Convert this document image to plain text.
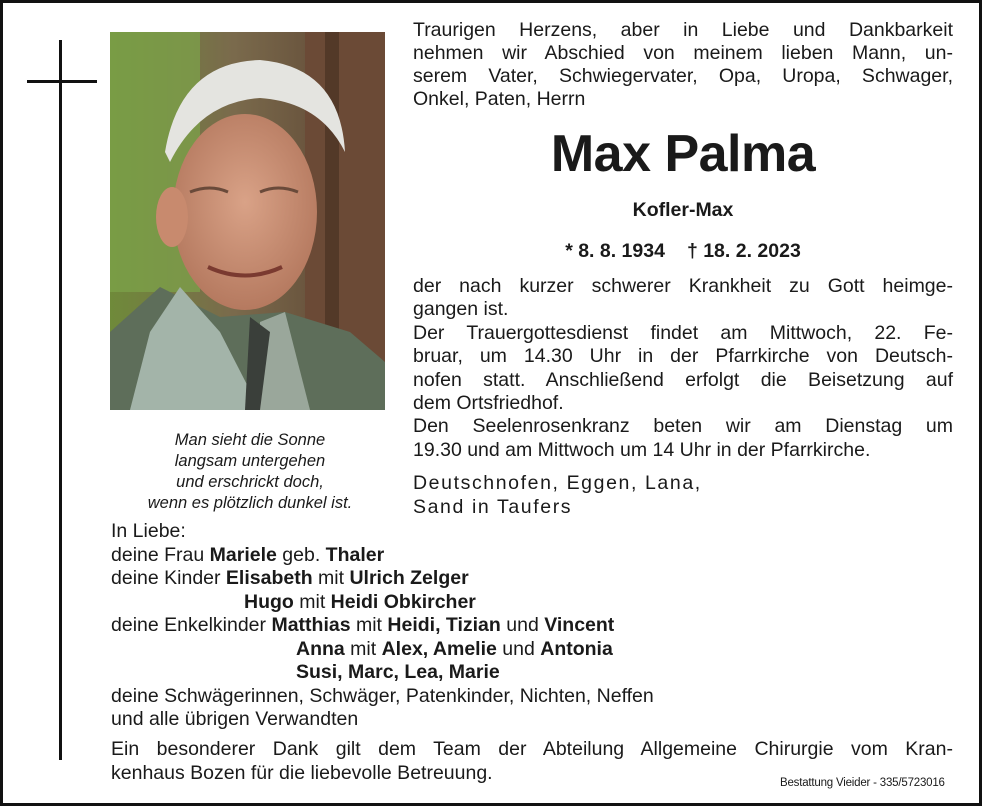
Man sieht die Sonne
langsam untergehen
und erschrickt doch,
wenn es plötzlich dunkel ist.
Traurigen Herzens, aber in Liebe und Dankbarkeit
nehmen wir Abschied von meinem lieben Mann, un-
serem Vater, Schwiegervater, Opa, Uropa, Schwager,
Onkel, Paten, Herrn
Max Palma
Kofler-Max
* 8. 8. 1934 † 18. 2. 2023
der nach kurzer schwerer Krankheit zu Gott heimge-
gangen ist.
Der Trauergottesdienst findet am Mittwoch, 22. Fe-
bruar, um 14.30 Uhr in der Pfarrkirche von Deutsch-
nofen statt. Anschließend erfolgt die Beisetzung auf
dem Ortsfriedhof.
Den Seelenrosenkranz beten wir am Dienstag um
19.30 und am Mittwoch um 14 Uhr in der Pfarrkirche.
Deutschnofen, Eggen, Lana,
Sand in Taufers
In Liebe:
deine Frau Mariele geb. Thaler
deine Kinder Elisabeth mit Ulrich Zelger
Hugo mit Heidi Obkircher
deine Enkelkinder Matthias mit Heidi, Tizian und Vincent
Anna mit Alex, Amelie und Antonia
Susi, Marc, Lea, Marie
deine Schwägerinnen, Schwäger, Patenkinder, Nichten, Neffen
und alle übrigen Verwandten
Ein besonderer Dank gilt dem Team der Abteilung Allgemeine Chirurgie vom Kran-
kenhaus Bozen für die liebevolle Betreuung.	Bestattung Vieider - 335/5723016
